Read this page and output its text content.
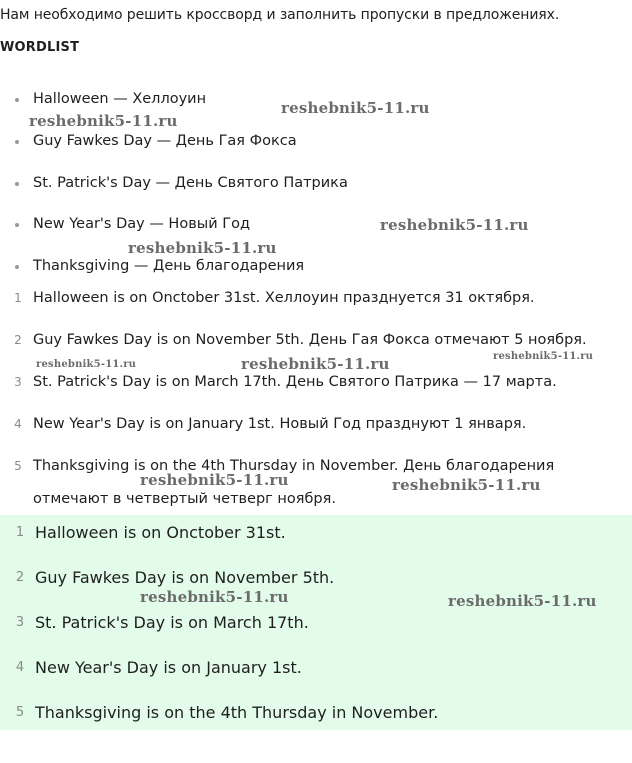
Нам необходимо решить кроссворд и заполнить пропуски в предложениях.
WORDLIST
Halloween — Хеллоуин
Guy Fawkes Day — День Гая Фокса
St. Patrick's Day — День Святого Патрика
New Year's Day — Новый Год
Thanksgiving — День благодарения
1 Halloween is on Onctober 31st. Хеллоуин празднуется 31 октября.
2 Guy Fawkes Day is on November 5th. День Гая Фокса отмечают 5 ноября.
3 St. Patrick's Day is on March 17th. День Святого Патрика — 17 марта.
4 New Year's Day is on January 1st. Новый Год празднуют 1 января.
5 Thanksgiving is on the 4th Thursday in November. День благодарения
отмечают в четвертый четверг ноября.
1 Halloween is on Onctober 31st.
2 Guy Fawkes Day is on November 5th.
3 St. Patrick's Day is on March 17th.
4 New Year's Day is on January 1st.
5 Thanksgiving is on the 4th Thursday in November.
reshebnik5-11.ru
reshebnik5-11.ru
reshebnik5-11.ru
reshebnik5-11.ru
reshebnik5-11.ru	reshebnik5-11.ru	reshebnik5-11.ru
reshebnik5-11.ru	reshebnik5-11.ru
reshebnik5-11.ru	reshebnik5-11.ru
